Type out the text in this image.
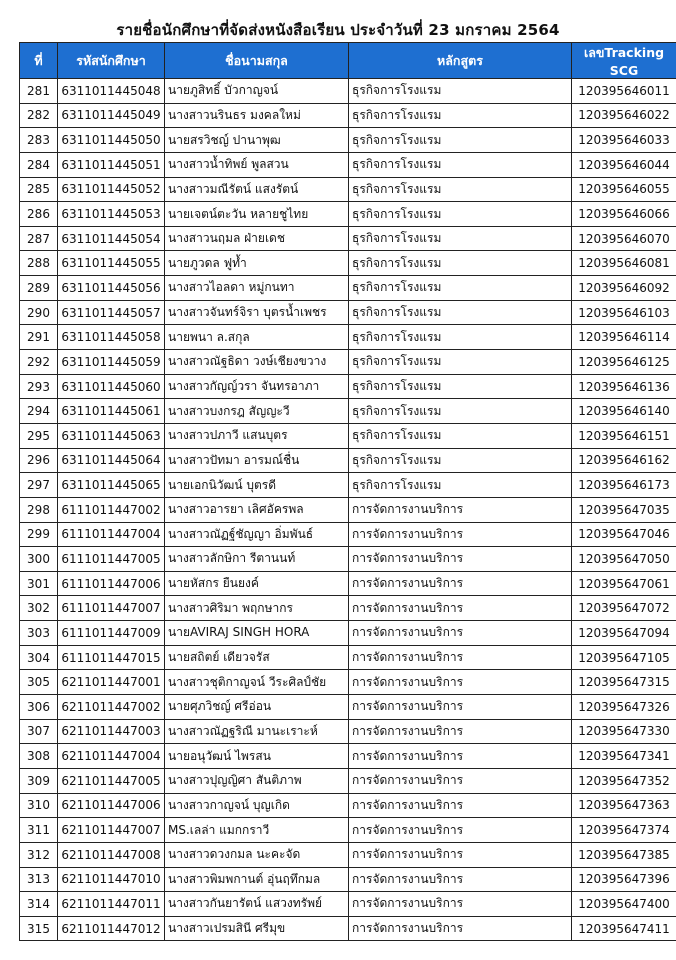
รายชื่อนักศึกษาที่จัดส่งหนังสือเรียน ประจำวันที่ 23 มกราคม 2564
ที่	รหัสนักศึกษา	ชื่อนามสกุล	หลักสูตร	เลขTracking SCG
281	6311011445048	นายภูสิทธิ์ บัวกาญจน์	ธุรกิจการโรงแรม	120395646011
282	6311011445049	นางสาวนรินธร มงคลใหม่	ธุรกิจการโรงแรม	120395646022
283	6311011445050	นายสรวิชญ์ ปานาพุฒ	ธุรกิจการโรงแรม	120395646033
284	6311011445051	นางสาวน้ำทิพย์ พูลสวน	ธุรกิจการโรงแรม	120395646044
285	6311011445052	นางสาวมณีรัตน์ แสงรัตน์	ธุรกิจการโรงแรม	120395646055
286	6311011445053	นายเจตน์ตะวัน หลายชูไทย	ธุรกิจการโรงแรม	120395646066
287	6311011445054	นางสาวนฤมล ฝ่ายเดช	ธุรกิจการโรงแรม	120395646070
288	6311011445055	นายภูวดล ฟูท้ำ	ธุรกิจการโรงแรม	120395646081
289	6311011445056	นางสาวไอลดา หมู่กนทา	ธุรกิจการโรงแรม	120395646092
290	6311011445057	นางสาวจันทร์จิรา บุตรน้ำเพชร	ธุรกิจการโรงแรม	120395646103
291	6311011445058	นายพนา ล.สกุล	ธุรกิจการโรงแรม	120395646114
292	6311011445059	นางสาวณัฐธิดา วงษ์เชียงขวาง	ธุรกิจการโรงแรม	120395646125
293	6311011445060	นางสาวกัญญ์วรา จันทรอาภา	ธุรกิจการโรงแรม	120395646136
294	6311011445061	นางสาวบงกรฎ สัญญะวี	ธุรกิจการโรงแรม	120395646140
295	6311011445063	นางสาวปภาวี แสนบุตร	ธุรกิจการโรงแรม	120395646151
296	6311011445064	นางสาวปัทมา อารมณ์ชื่น	ธุรกิจการโรงแรม	120395646162
297	6311011445065	นายเอกนิวัฒน์ บุตรดี	ธุรกิจการโรงแรม	120395646173
298	6111011447002	นางสาวอารยา เลิศอัครพล	การจัดการงานบริการ	120395647035
299	6111011447004	นางสาวณัฏฐ์ชัญญา อิ่มพันธ์	การจัดการงานบริการ	120395647046
300	6111011447005	นางสาวลักษิกา รีตานนท์	การจัดการงานบริการ	120395647050
301	6111011447006	นายหัสกร ยืนยงค์	การจัดการงานบริการ	120395647061
302	6111011447007	นางสาวศิริมา พฤกษากร	การจัดการงานบริการ	120395647072
303	6111011447009	นายAVIRAJ SINGH HORA	การจัดการงานบริการ	120395647094
304	6111011447015	นายสถิตย์ เดียวจรัส	การจัดการงานบริการ	120395647105
305	6211011447001	นางสาวชุติกาญจน์ วีระศิลป์ชัย	การจัดการงานบริการ	120395647315
306	6211011447002	นายศุภวิชญ์ ศรีอ่อน	การจัดการงานบริการ	120395647326
307	6211011447003	นางสาวณัฏฐริณี มานะเราะห์	การจัดการงานบริการ	120395647330
308	6211011447004	นายอนุวัฒน์ ไพรสน	การจัดการงานบริการ	120395647341
309	6211011447005	นางสาวปุญญิศา สันติภาพ	การจัดการงานบริการ	120395647352
310	6211011447006	นางสาวกาญจน์ บุญเกิด	การจัดการงานบริการ	120395647363
311	6211011447007	MS.เลล่า แมกกราวี	การจัดการงานบริการ	120395647374
312	6211011447008	นางสาวดวงกมล นะคะจัด	การจัดการงานบริการ	120395647385
313	6211011447010	นางสาวพิมพกานต์ อุ่นฤทึกมล	การจัดการงานบริการ	120395647396
314	6211011447011	นางสาวกันยารัตน์ แสวงทรัพย์	การจัดการงานบริการ	120395647400
315	6211011447012	นางสาวเปรมสินี ศรีมุข	การจัดการงานบริการ	120395647411
